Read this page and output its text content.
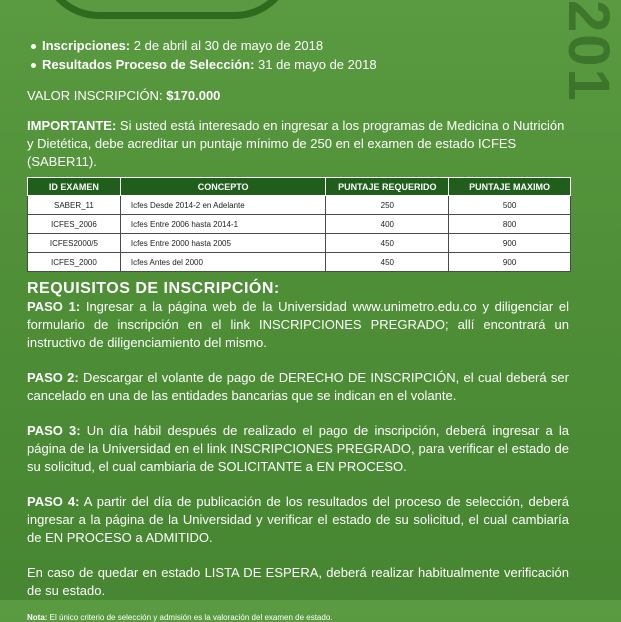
201
Inscripciones: 2 de abril al 30 de mayo de 2018
Resultados Proceso de Selección: 31 de mayo de 2018
VALOR INSCRIPCIÓN: $170.000
IMPORTANTE: Si usted está interesado en ingresar a los programas de Medicina o Nutrición y Dietética, debe acreditar un puntaje mínimo de 250 en el examen de estado ICFES (SABER11).
ID EXAMEN	CONCEPTO	PUNTAJE REQUERIDO	PUNTAJE MAXIMO
SABER_11	Icfes Desde 2014-2 en Adelante	250	500
ICFES_2006	Icfes Entre 2006 hasta 2014-1	400	800
ICFES2000/5	Icfes Entre 2000 hasta 2005	450	900
ICFES_2000	Icfes Antes del 2000	450	900
REQUISITOS DE INSCRIPCIÓN:
PASO 1: Ingresar a la página web de la Universidad www.unimetro.edu.co y diligenciar el formulario de inscripción en el link INSCRIPCIONES PREGRADO; allí encontrará un instructivo de diligenciamiento del mismo.
PASO 2: Descargar el volante de pago de DERECHO DE INSCRIPCIÓN, el cual deberá ser cancelado en una de las entidades bancarias que se indican en el volante.
PASO 3: Un día hábil después de realizado el pago de inscripción, deberá ingresar a la página de la Universidad en el link INSCRIPCIONES PREGRADO, para verificar el estado de su solicitud, el cual cambiaria de SOLICITANTE a EN PROCESO.
PASO 4: A partir del día de publicación de los resultados del proceso de selección, deberá ingresar a la página de la Universidad y verificar el estado de su solicitud, el cual cambiaría de EN PROCESO a ADMITIDO.
En caso de quedar en estado LISTA DE ESPERA, deberá realizar habitualmente verificación de su estado.
Nota: El único criterio de selección y admisión es la valoración del examen de estado.
